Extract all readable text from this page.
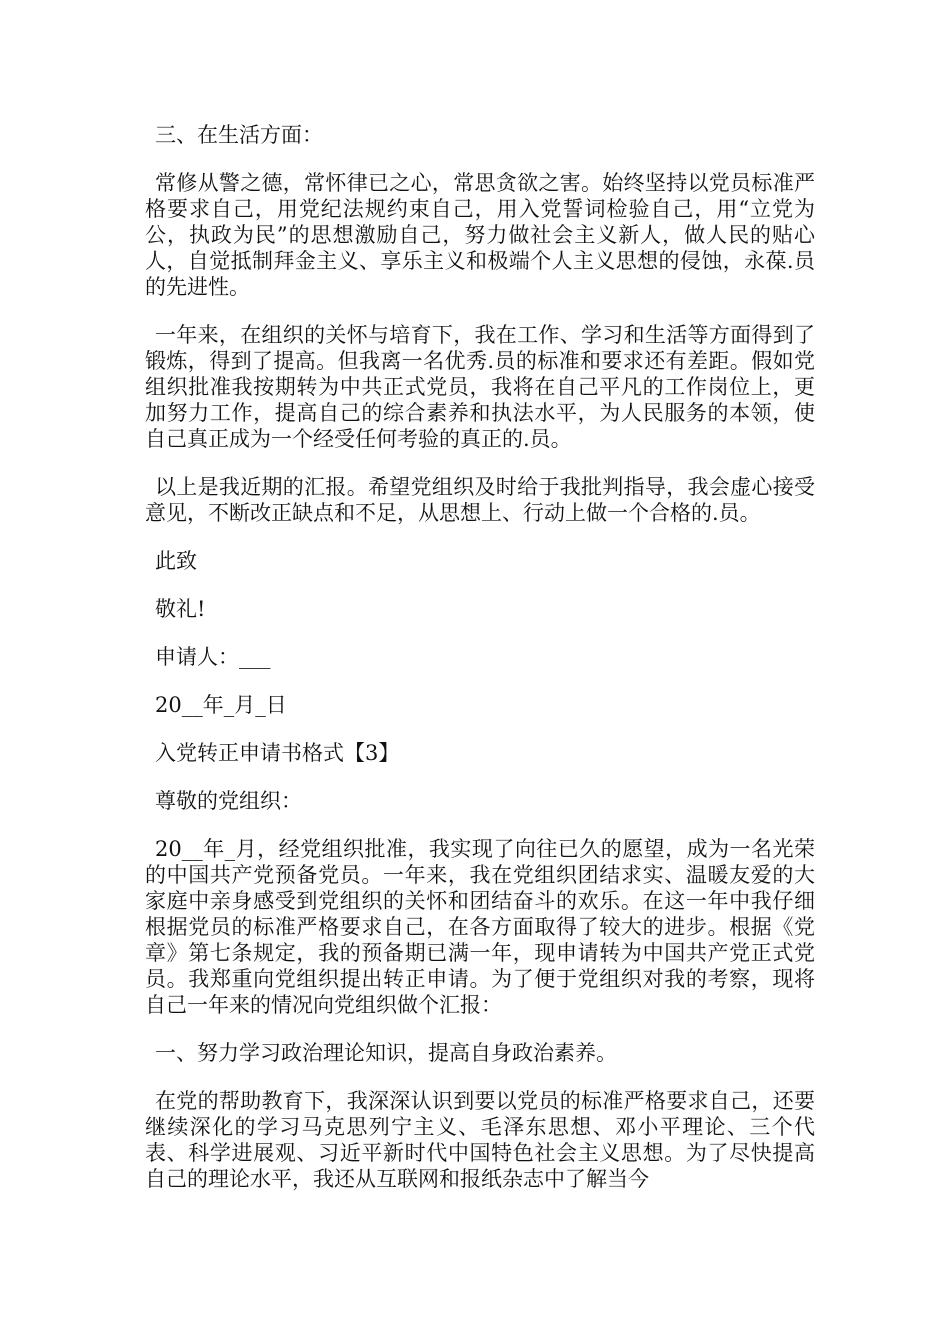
三、在生活方面：

常修从警之德，常怀律已之心，常思贪欲之害。始终坚持以党员标准严格要求自己，用党纪法规约束自己，用入党誓词检验自己，用“立党为公，执政为民”的思想激励自己，努力做社会主义新人，做人民的贴心人，自觉抵制拜金主义、享乐主义和极端个人主义思想的侵蚀，永葆.员的先进性。

一年来，在组织的关怀与培育下，我在工作、学习和生活等方面得到了锻炼，得到了提高。但我离一名优秀.员的标准和要求还有差距。假如党组织批准我按期转为中共正式党员，我将在自己平凡的工作岗位上，更加努力工作，提高自己的综合素养和执法水平，为人民服务的本领，使自己真正成为一个经受任何考验的真正的.员。

以上是我近期的汇报。希望党组织及时给于我批判指导，我会虚心接受意见，不断改正缺点和不足，从思想上、行动上做一个合格的.员。

此致

敬礼!

申请人：___

20__年_月_日

入党转正申请书格式【3】

尊敬的党组织：

20__年_月，经党组织批准，我实现了向往已久的愿望，成为一名光荣的中国共产党预备党员。一年来，我在党组织团结求实、温暖友爱的大家庭中亲身感受到党组织的关怀和团结奋斗的欢乐。在这一年中我仔细根据党员的标准严格要求自己，在各方面取得了较大的进步。根据《党章》第七条规定，我的预备期已满一年，现申请转为中国共产党正式党员。我郑重向党组织提出转正申请。为了便于党组织对我的考察，现将自己一年来的情况向党组织做个汇报：

一、努力学习政治理论知识，提高自身政治素养。

在党的帮助教育下，我深深认识到要以党员的标准严格要求自己，还要继续深化的学习马克思列宁主义、毛泽东思想、邓小平理论、三个代表、科学进展观、习近平新时代中国特色社会主义思想。为了尽快提高自己的理论水平，我还从互联网和报纸杂志中了解当今
